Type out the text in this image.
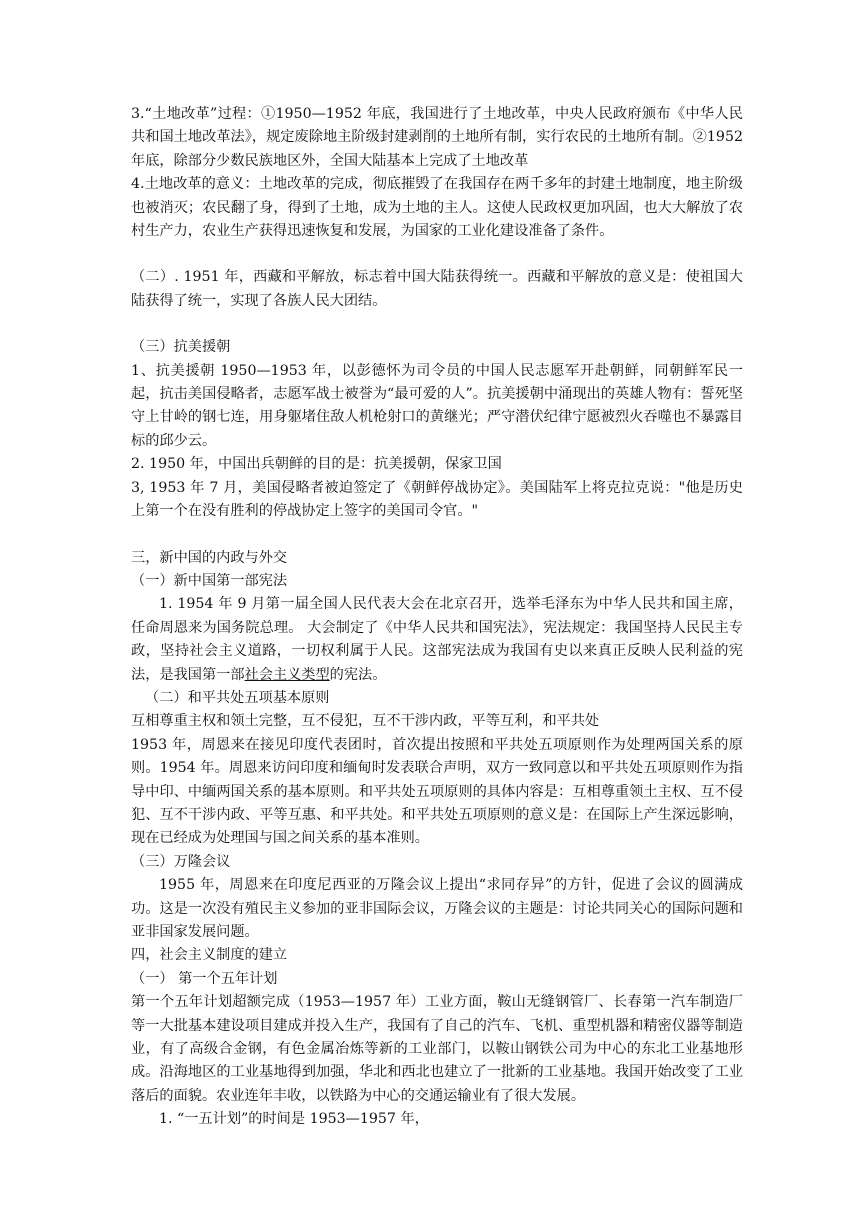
3.“土地改革”过程：①1950—1952 年底，我国进行了土地改革，中央人民政府颁布《中华人民共和国土地改革法》，规定废除地主阶级封建剥削的土地所有制，实行农民的土地所有制。②1952 年底，除部分少数民族地区外，全国大陆基本上完成了土地改革

4.土地改革的意义：土地改革的完成，彻底摧毁了在我国存在两千多年的封建土地制度，地主阶级也被消灭；农民翻了身，得到了土地，成为土地的主人。这使人民政权更加巩固，也大大解放了农村生产力，农业生产获得迅速恢复和发展，为国家的工业化建设准备了条件。

（二）. 1951 年，西藏和平解放，标志着中国大陆获得统一。西藏和平解放的意义是：使祖国大陆获得了统一，实现了各族人民大团结。

（三）抗美援朝

1、抗美援朝 1950—1953 年，以彭德怀为司令员的中国人民志愿军开赴朝鲜，同朝鲜军民一起，抗击美国侵略者，志愿军战士被誉为“最可爱的人”。抗美援朝中涌现出的英雄人物有：誓死坚守上甘岭的钢七连，用身躯堵住敌人机枪射口的黄继光；严守潜伏纪律宁愿被烈火吞噬也不暴露目标的邱少云。

2. 1950 年，中国出兵朝鲜的目的是：抗美援朝，保家卫国

3, 1953 年 7 月，美国侵略者被迫签定了《朝鲜停战协定》。美国陆军上将克拉克说："他是历史上第一个在没有胜利的停战协定上签字的美国司令官。"

三，新中国的内政与外交

（一）新中国第一部宪法

1. 1954 年 9 月第一届全国人民代表大会在北京召开，选举毛泽东为中华人民共和国主席，任命周恩来为国务院总理。 大会制定了《中华人民共和国宪法》，宪法规定：我国坚持人民民主专政，坚持社会主义道路，一切权利属于人民。这部宪法成为我国有史以来真正反映人民利益的宪法，是我国第一部社会主义类型的宪法。

（二）和平共处五项基本原则

互相尊重主权和领土完整，互不侵犯，互不干涉内政，平等互利，和平共处

1953 年，周恩来在接见印度代表团时，首次提出按照和平共处五项原则作为处理两国关系的原则。1954 年。周恩来访问印度和缅甸时发表联合声明，双方一致同意以和平共处五项原则作为指导中印、中缅两国关系的基本原则。和平共处五项原则的具体内容是：互相尊重领土主权、互不侵犯、互不干涉内政、平等互惠、和平共处。和平共处五项原则的意义是：在国际上产生深远影响，现在已经成为处理国与国之间关系的基本准则。

（三）万隆会议

1955 年，周恩来在印度尼西亚的万隆会议上提出“求同存异”的方针，促进了会议的圆满成功。这是一次没有殖民主义参加的亚非国际会议，万隆会议的主题是：讨论共同关心的国际问题和亚非国家发展问题。

四，社会主义制度的建立

（一） 第一个五年计划

第一个五年计划超额完成（1953—1957 年）工业方面，鞍山无缝钢管厂、长春第一汽车制造厂等一大批基本建设项目建成并投入生产，我国有了自己的汽车、飞机、重型机器和精密仪器等制造业，有了高级合金钢，有色金属冶炼等新的工业部门，以鞍山钢铁公司为中心的东北工业基地形成。沿海地区的工业基地得到加强，华北和西北也建立了一批新的工业基地。我国开始改变了工业落后的面貌。农业连年丰收，以铁路为中心的交通运输业有了很大发展。

1. “一五计划”的时间是 1953—1957 年，
